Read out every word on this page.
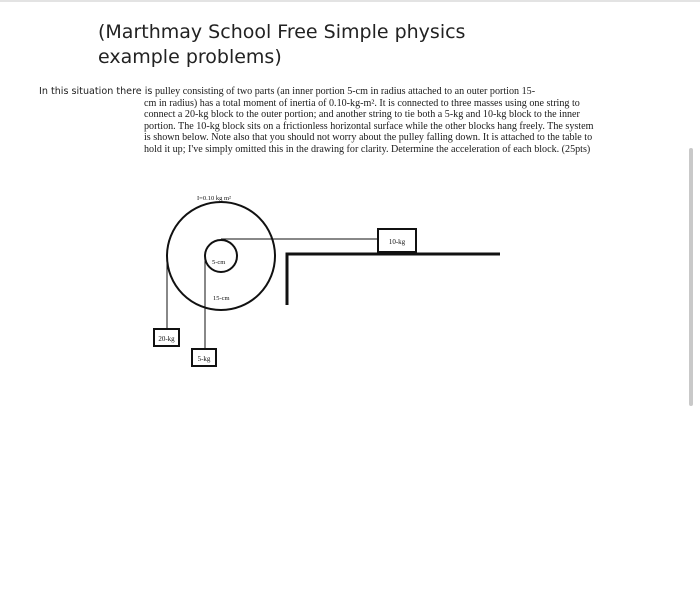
(Marthmay School Free Simple physics
example problems)
In this situation there is pulley consisting of two parts (an inner portion 5-cm in radius attached to an outer portion 15-
cm in radius) has a total moment of inertia of 0.10-kg-m². It is connected to three masses using one string to connect a 20-kg block to the outer portion; and another string to tie both a 5-kg and 10-kg block to the inner portion. The 10-kg block sits on a frictionless horizontal surface while the other blocks hang freely. The system is shown below. Note also that you should not worry about the pulley falling down. It is attached to the table to hold it up; I've simply omitted this in the drawing for clarity. Determine the acceleration of each block. (25pts)
10-kg
20-kg
5-kg
I=0.10 kg m²
5-cm
15-cm
